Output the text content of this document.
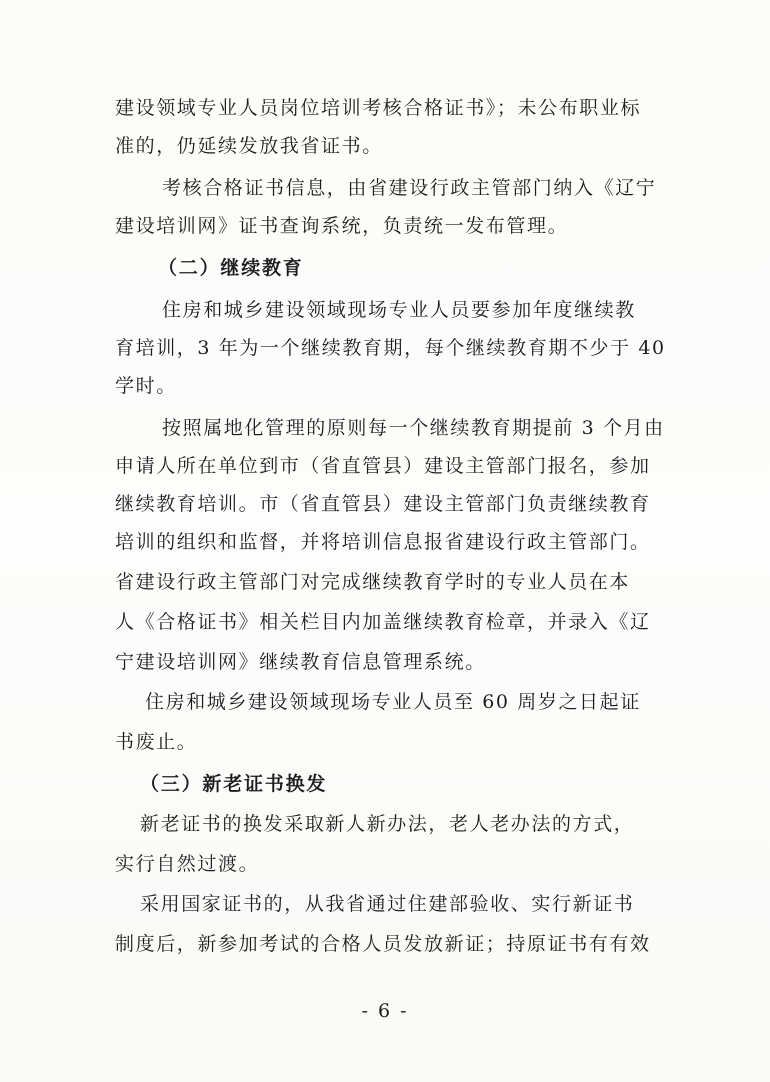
建设领域专业人员岗位培训考核合格证书》；未公布职业标
准的，仍延续发放我省证书。
考核合格证书信息，由省建设行政主管部门纳入《辽宁
建设培训网》证书查询系统，负责统一发布管理。
（二）继续教育
住房和城乡建设领域现场专业人员要参加年度继续教
育培训，3 年为一个继续教育期，每个继续教育期不少于 40
学时。
按照属地化管理的原则每一个继续教育期提前 3 个月由
申请人所在单位到市（省直管县）建设主管部门报名，参加
继续教育培训。市（省直管县）建设主管部门负责继续教育
培训的组织和监督，并将培训信息报省建设行政主管部门。
省建设行政主管部门对完成继续教育学时的专业人员在本
人《合格证书》相关栏目内加盖继续教育检章，并录入《辽
宁建设培训网》继续教育信息管理系统。
住房和城乡建设领域现场专业人员至 60 周岁之日起证
书废止。
（三）新老证书换发
新老证书的换发采取新人新办法，老人老办法的方式，
实行自然过渡。
采用国家证书的，从我省通过住建部验收、实行新证书
制度后，新参加考试的合格人员发放新证；持原证书有有效
- 6 -
